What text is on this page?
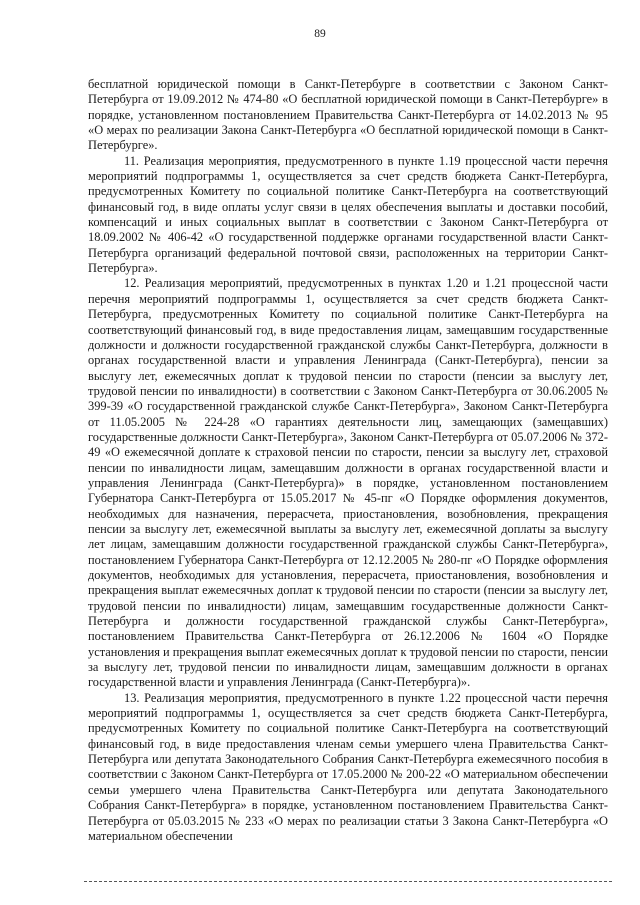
89

бесплатной юридической помощи в Санкт-Петербурге в соответствии с Законом Санкт-Петербурга от 19.09.2012 № 474-80 «О бесплатной юридической помощи в Санкт-Петербурге» в порядке, установленном постановлением Правительства Санкт-Петербурга от 14.02.2013 № 95 «О мерах по реализации Закона Санкт-Петербурга «О бесплатной юридической помощи в Санкт-Петербурге».

11. Реализация мероприятия, предусмотренного в пункте 1.19 процессной части перечня мероприятий подпрограммы 1, осуществляется за счет средств бюджета Санкт-Петербурга, предусмотренных Комитету по социальной политике Санкт-Петербурга на соответствующий финансовый год, в виде оплаты услуг связи в целях обеспечения выплаты и доставки пособий, компенсаций и иных социальных выплат в соответствии с Законом Санкт-Петербурга от 18.09.2002 № 406-42 «О государственной поддержке органами государственной власти Санкт-Петербурга организаций федеральной почтовой связи, расположенных на территории Санкт-Петербурга».

12. Реализация мероприятий, предусмотренных в пунктах 1.20 и 1.21 процессной части перечня мероприятий подпрограммы 1, осуществляется за счет средств бюджета Санкт-Петербурга, предусмотренных Комитету по социальной политике Санкт-Петербурга на соответствующий финансовый год, в виде предоставления лицам, замещавшим государственные должности и должности государственной гражданской службы Санкт-Петербурга, должности в органах государственной власти и управления Ленинграда (Санкт-Петербурга), пенсии за выслугу лет, ежемесячных доплат к трудовой пенсии по старости (пенсии за выслугу лет, трудовой пенсии по инвалидности) в соответствии с Законом Санкт-Петербурга от 30.06.2005 № 399-39 «О государственной гражданской службе Санкт-Петербурга», Законом Санкт-Петербурга от 11.05.2005 № 224-28 «О гарантиях деятельности лиц, замещающих (замещавших) государственные должности Санкт-Петербурга», Законом Санкт-Петербурга от 05.07.2006 № 372-49 «О ежемесячной доплате к страховой пенсии по старости, пенсии за выслугу лет, страховой пенсии по инвалидности лицам, замещавшим должности в органах государственной власти и управления Ленинграда (Санкт-Петербурга)» в порядке, установленном постановлением Губернатора Санкт-Петербурга от 15.05.2017 № 45-пг «О Порядке оформления документов, необходимых для назначения, перерасчета, приостановления, возобновления, прекращения пенсии за выслугу лет, ежемесячной выплаты за выслугу лет, ежемесячной доплаты за выслугу лет лицам, замещавшим должности государственной гражданской службы Санкт-Петербурга», постановлением Губернатора Санкт-Петербурга от 12.12.2005 № 280-пг «О Порядке оформления документов, необходимых для установления, перерасчета, приостановления, возобновления и прекращения выплат ежемесячных доплат к трудовой пенсии по старости (пенсии за выслугу лет, трудовой пенсии по инвалидности) лицам, замещавшим государственные должности Санкт-Петербурга и должности государственной гражданской службы Санкт-Петербурга», постановлением Правительства Санкт-Петербурга от 26.12.2006 № 1604 «О Порядке установления и прекращения выплат ежемесячных доплат к трудовой пенсии по старости, пенсии за выслугу лет, трудовой пенсии по инвалидности лицам, замещавшим должности в органах государственной власти и управления Ленинграда (Санкт-Петербурга)».

13. Реализация мероприятия, предусмотренного в пункте 1.22 процессной части перечня мероприятий подпрограммы 1, осуществляется за счет средств бюджета Санкт-Петербурга, предусмотренных Комитету по социальной политике Санкт-Петербурга на соответствующий финансовый год, в виде предоставления членам семьи умершего члена Правительства Санкт-Петербурга или депутата Законодательного Собрания Санкт-Петербурга ежемесячного пособия в соответствии с Законом Санкт-Петербурга от 17.05.2000 № 200-22 «О материальном обеспечении семьи умершего члена Правительства Санкт-Петербурга или депутата Законодательного Собрания Санкт-Петербурга» в порядке, установленном постановлением Правительства Санкт-Петербурга от 05.03.2015 № 233 «О мерах по реализации статьи 3 Закона Санкт-Петербурга «О материальном обеспечении
